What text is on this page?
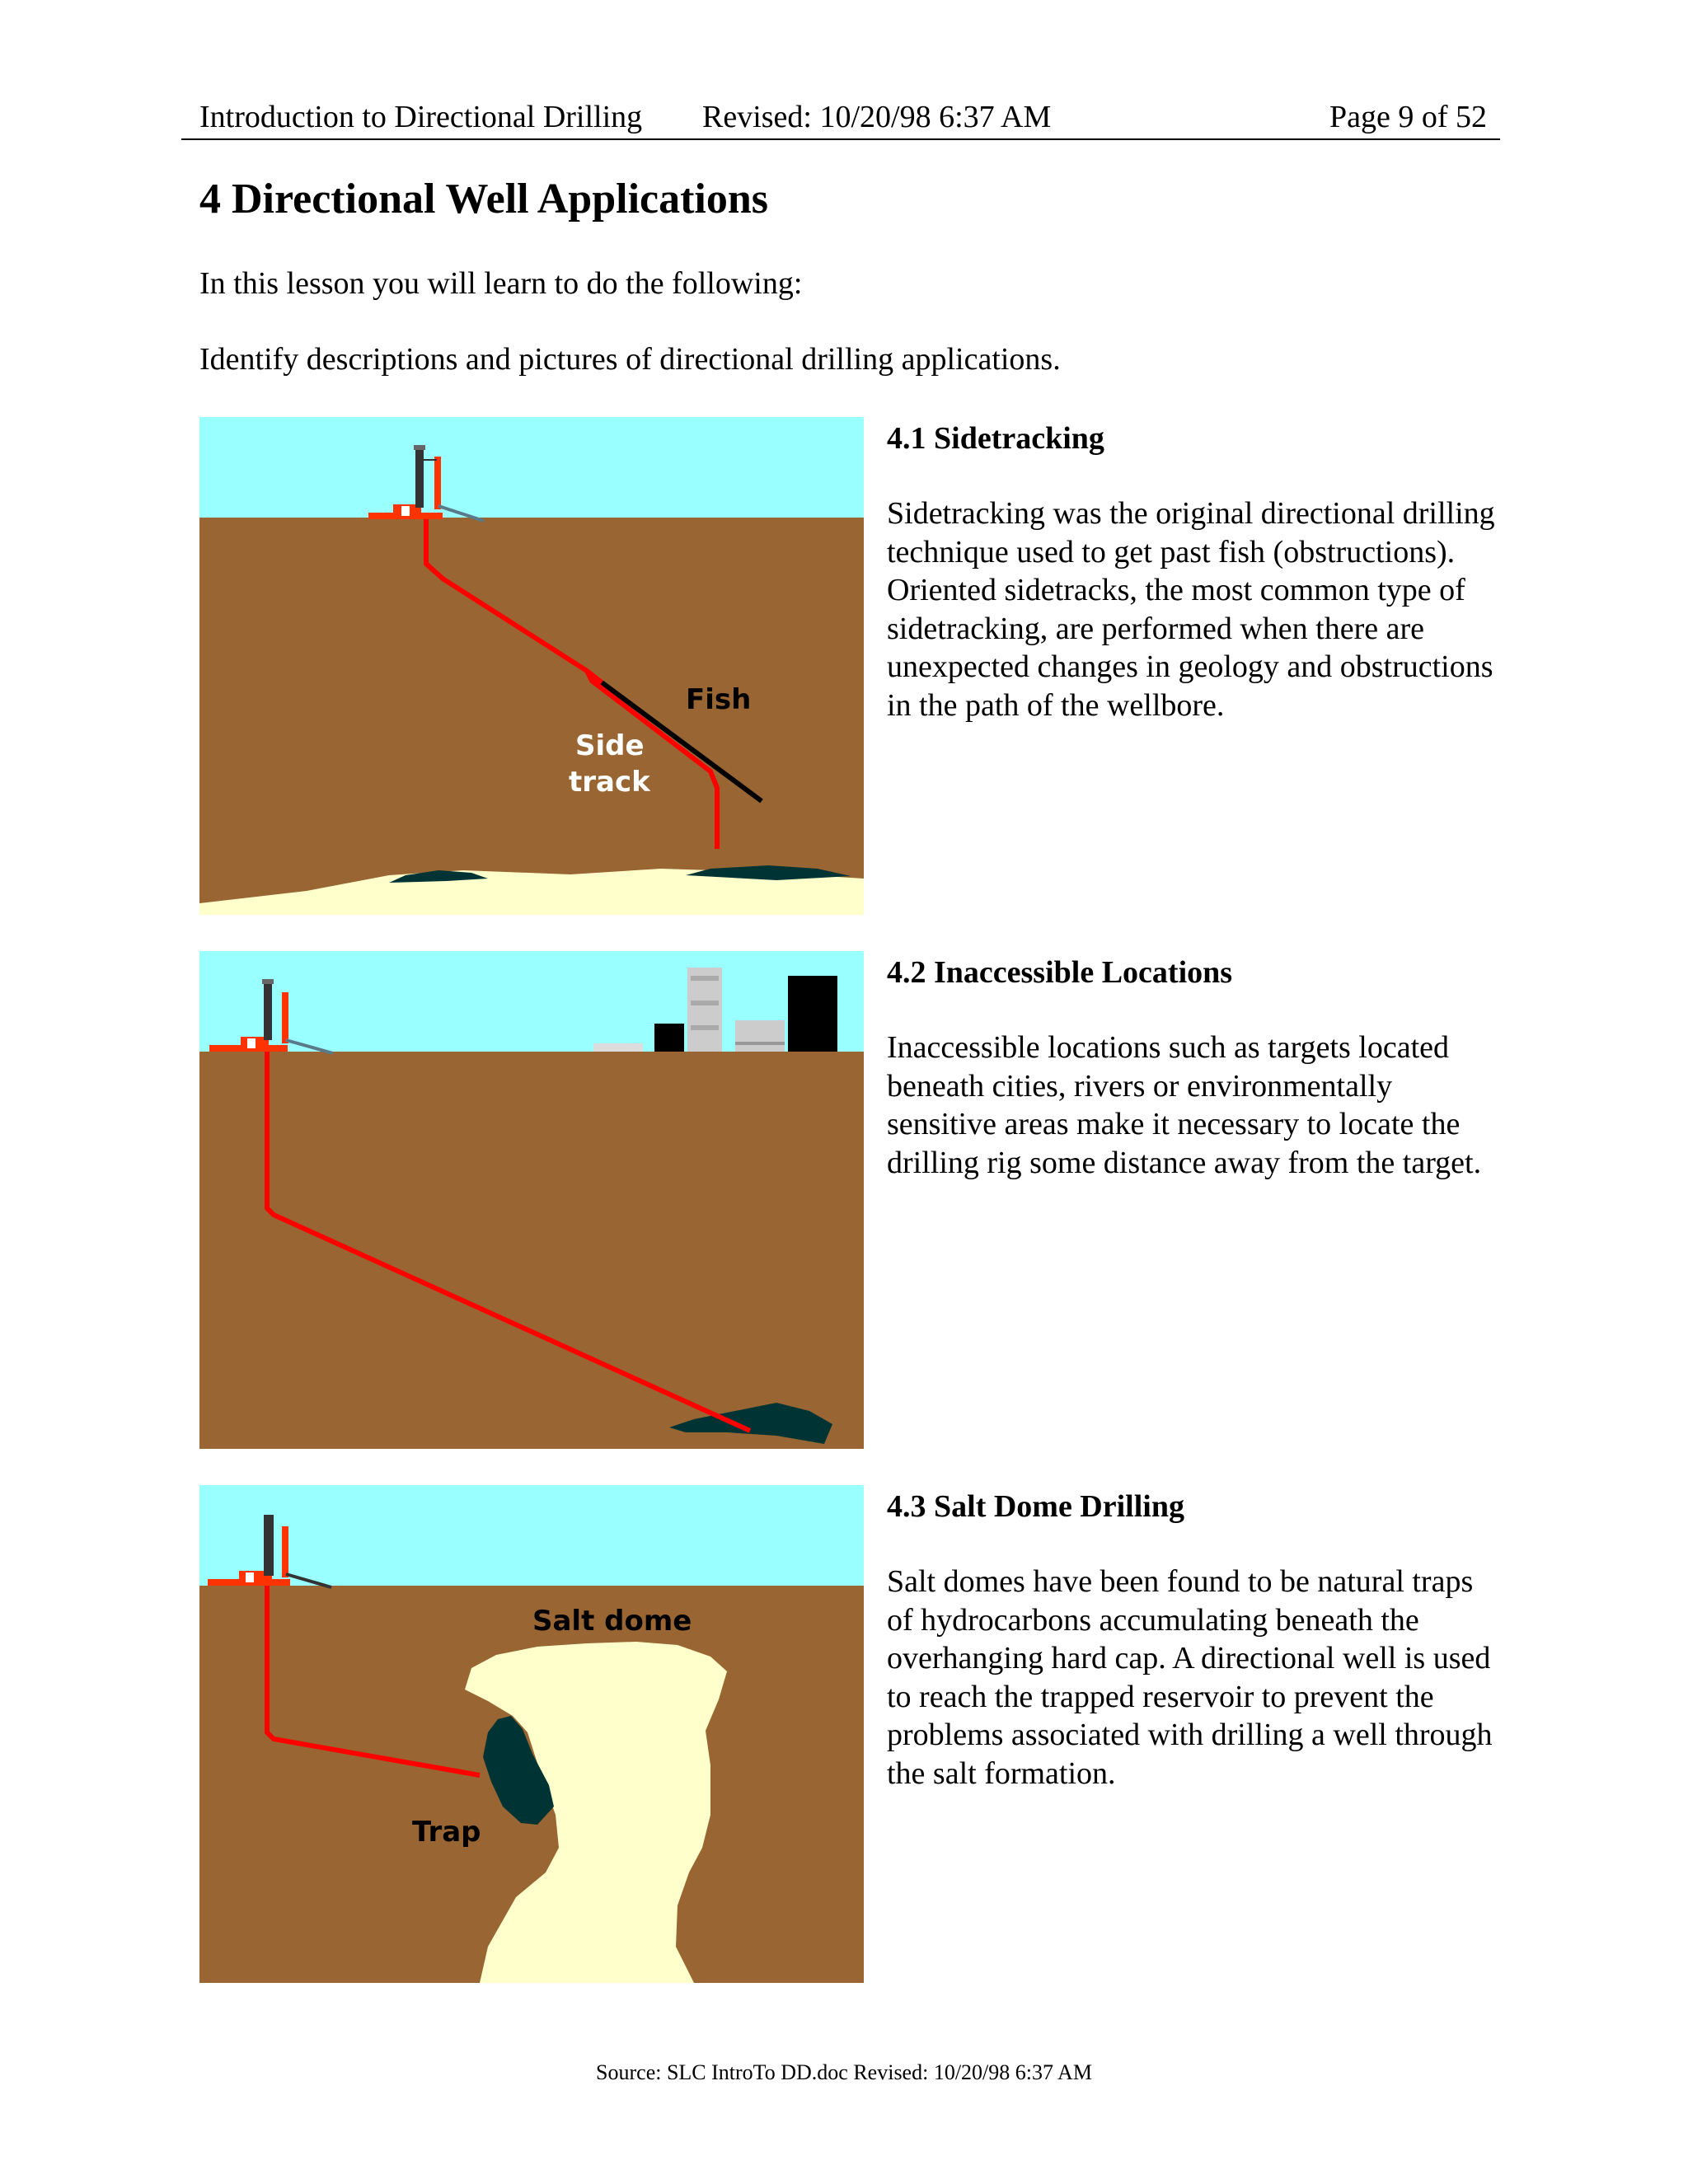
Introduction to Directional Drilling Revised: 10/20/98 6:37 AM	Page 9 of 52
4 Directional Well Applications

In this lesson you will learn to do the following:

Identify descriptions and pictures of directional drilling applications.

Fish
Side
track
4.1 Sidetracking

Sidetracking was the original directional drilling technique used to get past fish (obstructions). Oriented sidetracks, the most common type of sidetracking, are performed when there are unexpected changes in geology and obstructions in the path of the wellbore.

4.2 Inaccessible Locations

Inaccessible locations such as targets located beneath cities, rivers or environmentally sensitive areas make it necessary to locate the drilling rig some distance away from the target.

Salt dome
Trap
4.3 Salt Dome Drilling

Salt domes have been found to be natural traps of hydrocarbons accumulating beneath the overhanging hard cap. A directional well is used to reach the trapped reservoir to prevent the problems associated with drilling a well through the salt formation.

Source: SLC IntroTo DD.doc Revised: 10/20/98 6:37 AM
